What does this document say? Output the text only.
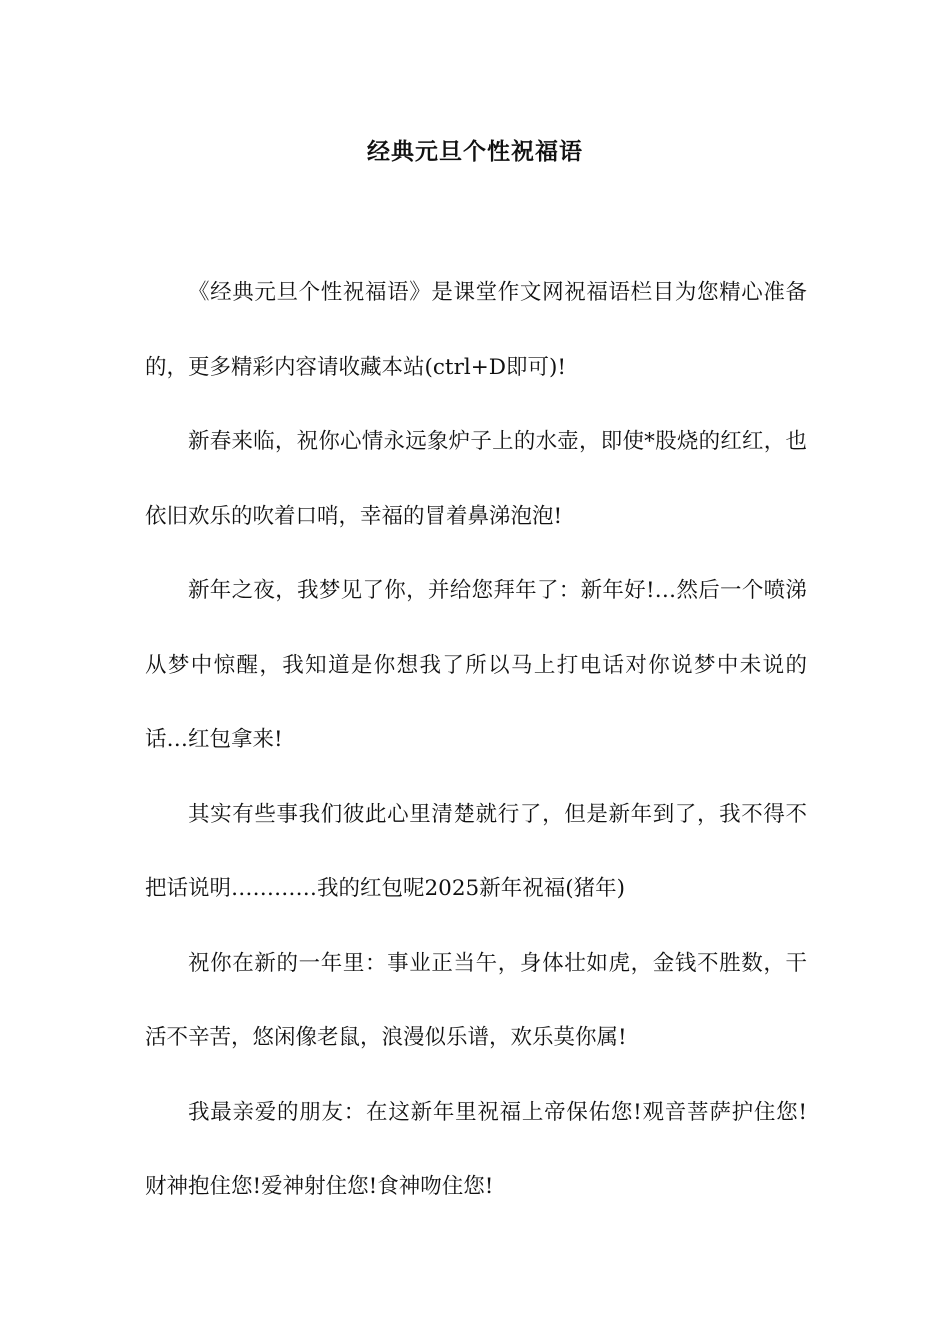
经典元旦个性祝福语

《经典元旦个性祝福语》是课堂作文网祝福语栏目为您精心准备的，更多精彩内容请收藏本站(ctrl+D即可)!

新春来临，祝你心情永远象炉子上的水壶，即使*股烧的红红，也依旧欢乐的吹着口哨，幸福的冒着鼻涕泡泡!

新年之夜，我梦见了你，并给您拜年了：新年好!…然后一个喷涕从梦中惊醒，我知道是你想我了所以马上打电话对你说梦中未说的话…红包拿来!

其实有些事我们彼此心里清楚就行了，但是新年到了，我不得不把话说明…………我的红包呢2025新年祝福(猪年)

祝你在新的一年里：事业正当午，身体壮如虎，金钱不胜数，干活不辛苦，悠闲像老鼠，浪漫似乐谱，欢乐莫你属!

我最亲爱的朋友：在这新年里祝福上帝保佑您!观音菩萨护住您!财神抱住您!爱神射住您!食神吻住您!
